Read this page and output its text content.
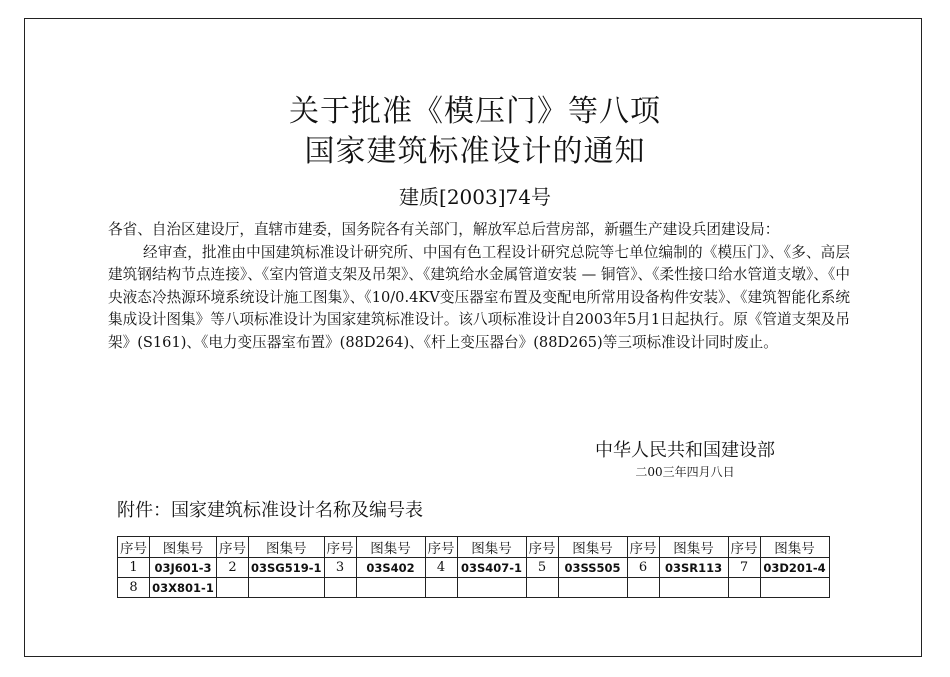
关于批准《模压门》等八项
国家建筑标准设计的通知
建质[2003]74号

各省、自治区建设厅，直辖市建委，国务院各有关部门，解放军总后营房部，新疆生产建设兵团建设局：

经审查，批准由中国建筑标准设计研究所、中国有色工程设计研究总院等七单位编制的《模压门》、《多、高层建筑钢结构节点连接》、《室内管道支架及吊架》、《建筑给水金属管道安装 — 铜管》、《柔性接口给水管道支墩》、《中央液态冷热源环境系统设计施工图集》、《10/0.4KV变压器室布置及变配电所常用设备构件安装》、《建筑智能化系统集成设计图集》等八项标准设计为国家建筑标准设计。该八项标准设计自2003年5月1日起执行。原《管道支架及吊架》(S161)、《电力变压器室布置》(88D264)、《杆上变压器台》(88D265)等三项标准设计同时废止。

中华人民共和国建设部
二00三年四月八日
附件：国家建筑标准设计名称及编号表
序号	图集号	序号	图集号	序号	图集号	序号	图集号	序号	图集号	序号	图集号	序号	图集号
1	03J601-3	2	03SG519-1	3	03S402	4	03S407-1	5	03SS505	6	03SR113	7	03D201-4
8	03X801-1												
